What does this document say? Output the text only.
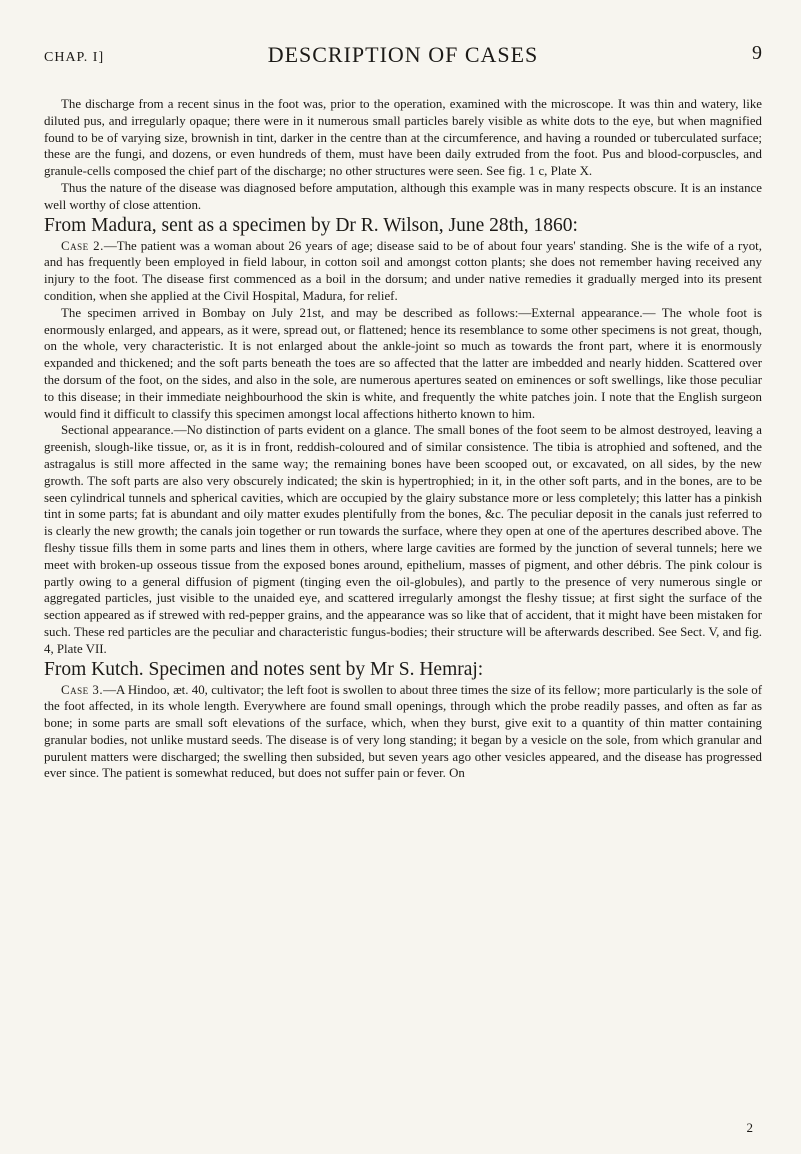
CHAP. I]	DESCRIPTION OF CASES	9

The discharge from a recent sinus in the foot was, prior to the operation, examined with the microscope. It was thin and watery, like diluted pus, and irregularly opaque; there were in it numerous small particles barely visible as white dots to the eye, but when magnified found to be of varying size, brownish in tint, darker in the centre than at the circumference, and having a rounded or tuberculated surface; these are the fungi, and dozens, or even hundreds of them, must have been daily extruded from the foot. Pus and blood-corpuscles, and granule-cells composed the chief part of the discharge; no other structures were seen. See fig. 1 c, Plate X.

Thus the nature of the disease was diagnosed before amputation, although this example was in many respects obscure. It is an instance well worthy of close attention.

From Madura, sent as a specimen by Dr R. Wilson, June 28th, 1860:

Case 2.—The patient was a woman about 26 years of age; disease said to be of about four years' standing. She is the wife of a ryot, and has frequently been employed in field labour, in cotton soil and amongst cotton plants; she does not remember having received any injury to the foot. The disease first commenced as a boil in the dorsum; and under native remedies it gradually merged into its present condition, when she applied at the Civil Hospital, Madura, for relief.

The specimen arrived in Bombay on July 21st, and may be described as follows:—External appearance.— The whole foot is enormously enlarged, and appears, as it were, spread out, or flattened; hence its resemblance to some other specimens is not great, though, on the whole, very characteristic. It is not enlarged about the ankle-joint so much as towards the front part, where it is enormously expanded and thickened; and the soft parts beneath the toes are so affected that the latter are imbedded and nearly hidden. Scattered over the dorsum of the foot, on the sides, and also in the sole, are numerous apertures seated on eminences or soft swellings, like those peculiar to this disease; in their immediate neighbourhood the skin is white, and frequently the white patches join. I note that the English surgeon would find it difficult to classify this specimen amongst local affections hitherto known to him.

Sectional appearance.—No distinction of parts evident on a glance. The small bones of the foot seem to be almost destroyed, leaving a greenish, slough-like tissue, or, as it is in front, reddish-coloured and of similar consistence. The tibia is atrophied and softened, and the astragalus is still more affected in the same way; the remaining bones have been scooped out, or excavated, on all sides, by the new growth. The soft parts are also very obscurely indicated; the skin is hypertrophied; in it, in the other soft parts, and in the bones, are to be seen cylindrical tunnels and spherical cavities, which are occupied by the glairy substance more or less completely; this latter has a pinkish tint in some parts; fat is abundant and oily matter exudes plentifully from the bones, &c. The peculiar deposit in the canals just referred to is clearly the new growth; the canals join together or run towards the surface, where they open at one of the apertures described above. The fleshy tissue fills them in some parts and lines them in others, where large cavities are formed by the junction of several tunnels; here we meet with broken-up osseous tissue from the exposed bones around, epithelium, masses of pigment, and other débris. The pink colour is partly owing to a general diffusion of pigment (tinging even the oil-globules), and partly to the presence of very numerous single or aggregated particles, just visible to the unaided eye, and scattered irregularly amongst the fleshy tissue; at first sight the surface of the section appeared as if strewed with red-pepper grains, and the appearance was so like that of accident, that it might have been mistaken for such. These red particles are the peculiar and characteristic fungus-bodies; their structure will be afterwards described. See Sect. V, and fig. 4, Plate VII.

From Kutch. Specimen and notes sent by Mr S. Hemraj:

Case 3.—A Hindoo, æt. 40, cultivator; the left foot is swollen to about three times the size of its fellow; more particularly is the sole of the foot affected, in its whole length. Everywhere are found small openings, through which the probe readily passes, and often as far as bone; in some parts are small soft elevations of the surface, which, when they burst, give exit to a quantity of thin matter containing granular bodies, not unlike mustard seeds. The disease is of very long standing; it began by a vesicle on the sole, from which granular and purulent matters were discharged; the swelling then subsided, but seven years ago other vesicles appeared, and the disease has progressed ever since. The patient is somewhat reduced, but does not suffer pain or fever. On

2
